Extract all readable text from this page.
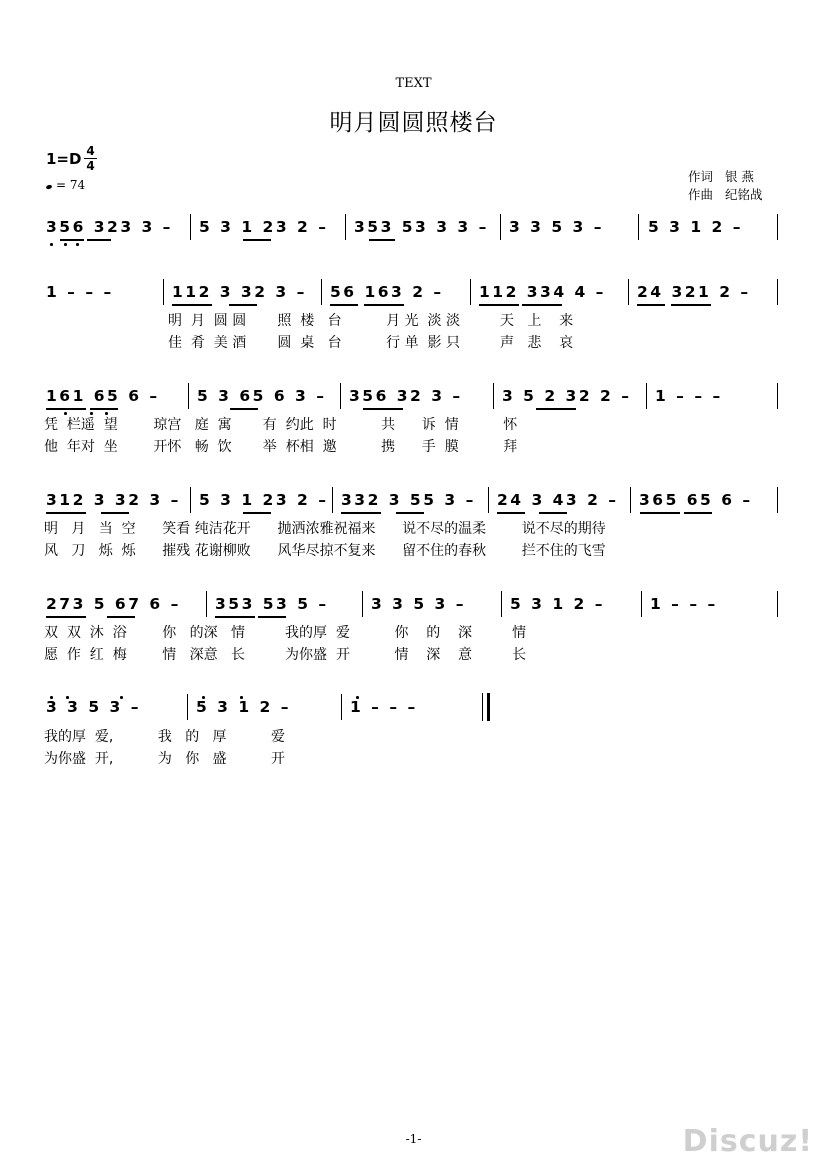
TEXT
明月圆圆照楼台
1=D 4
4
= 74
作词 银 燕
作曲 纪铭战
356 323 3 – 5 3 1 23 2 – 353 53 3 3 – 3 3 5 3 –	5 3 1 2 –
1 – – –	112 3 32 3 – 56 163 2 – 112 334 4 – 24 321 2 –
明  月  圆 圆       照  楼   台          月 光  淡 淡         天   上    来
佳  肴  美 酒       圆  桌   台          行 单  影 只         声   悲    哀
161 65 6 – 5 3 65 6 3 – 356 32 3 –	3 5 2 32 2 – 1 – – –
凭  栏遥  望        琼宫   庭  寓       有  约此  时          共      诉  情          怀
他  年对  坐        开怀   畅  饮       举  杯相  邀          携      手  膜          拜
312 3 32 3 – 5 3 1 23 2 – 332 3 55 3 – 24 3 43 2 – 365 65 6 –
明   月   当  空      笑看 纯洁花开      抛洒浓雅祝福来      说不尽的温柔        说不尽的期待
风   刀   烁  烁      摧残 花谢柳败      风华尽掠不复来      留不住的春秋        拦不住的飞雪
273 5 67 6 – 353 53 5 –	3 3 5 3 –	5 3 1 2 –	1 – – –
双  双  沐  浴        你   的深   情         我的厚  爱          你    的    深         情
愿  作  红  梅        情   深意   长         为你盛  开          情    深    意         长
3 3 5 3 –	5 3 1 2 –	1 – – –
我的厚  爱,          我   的   厚          爱
为你盛  开,          为   你   盛          开
-1-	Discuz!
